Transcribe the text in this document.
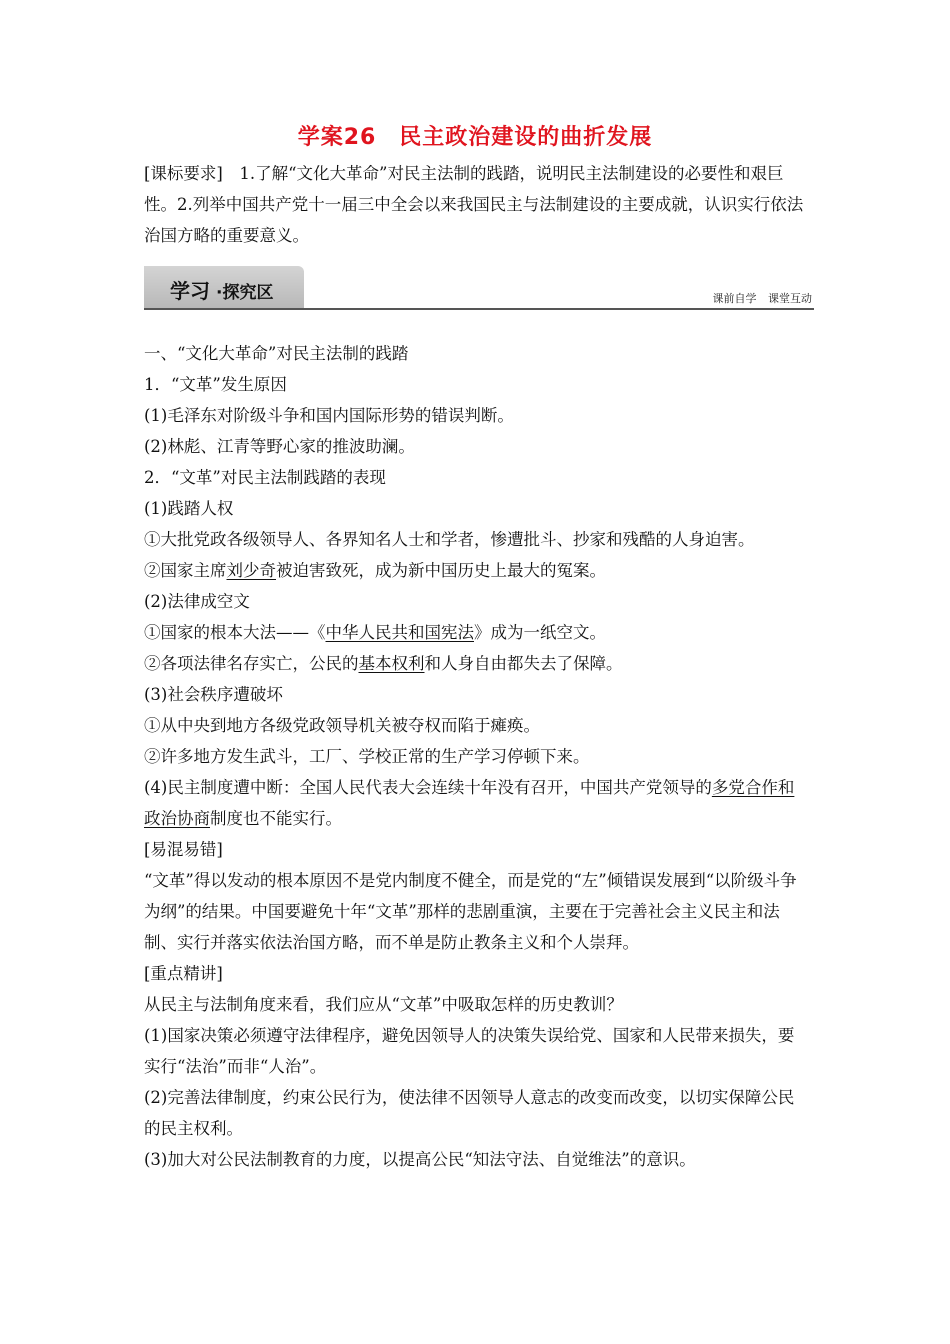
学案26　民主政治建设的曲折发展
[课标要求]　1.了解“文化大革命”对民主法制的践踏，说明民主法制建设的必要性和艰巨性。2.列举中国共产党十一届三中全会以来我国民主与法制建设的主要成就，认识实行依法治国方略的重要意义。
学习 ·探究区	课前自学 课堂互动

一、“文化大革命”对民主法制的践踏

1．“文革”发生原因

(1)毛泽东对阶级斗争和国内国际形势的错误判断。

(2)林彪、江青等野心家的推波助澜。

2．“文革”对民主法制践踏的表现

(1)践踏人权

①大批党政各级领导人、各界知名人士和学者，惨遭批斗、抄家和残酷的人身迫害。

②国家主席刘少奇被迫害致死，成为新中国历史上最大的冤案。

(2)法律成空文

①国家的根本大法——《中华人民共和国宪法》成为一纸空文。

②各项法律名存实亡，公民的基本权利和人身自由都失去了保障。

(3)社会秩序遭破坏

①从中央到地方各级党政领导机关被夺权而陷于瘫痪。

②许多地方发生武斗，工厂、学校正常的生产学习停顿下来。

(4)民主制度遭中断：全国人民代表大会连续十年没有召开，中国共产党领导的多党合作和政治协商制度也不能实行。

[易混易错]

“文革”得以发动的根本原因不是党内制度不健全，而是党的“左”倾错误发展到“以阶级斗争为纲”的结果。中国要避免十年“文革”那样的悲剧重演，主要在于完善社会主义民主和法制、实行并落实依法治国方略，而不单是防止教条主义和个人崇拜。

[重点精讲]

从民主与法制角度来看，我们应从“文革”中吸取怎样的历史教训？

(1)国家决策必须遵守法律程序，避免因领导人的决策失误给党、国家和人民带来损失，要实行“法治”而非“人治”。

(2)完善法律制度，约束公民行为，使法律不因领导人意志的改变而改变，以切实保障公民的民主权利。

(3)加大对公民法制教育的力度，以提高公民“知法守法、自觉维法”的意识。
